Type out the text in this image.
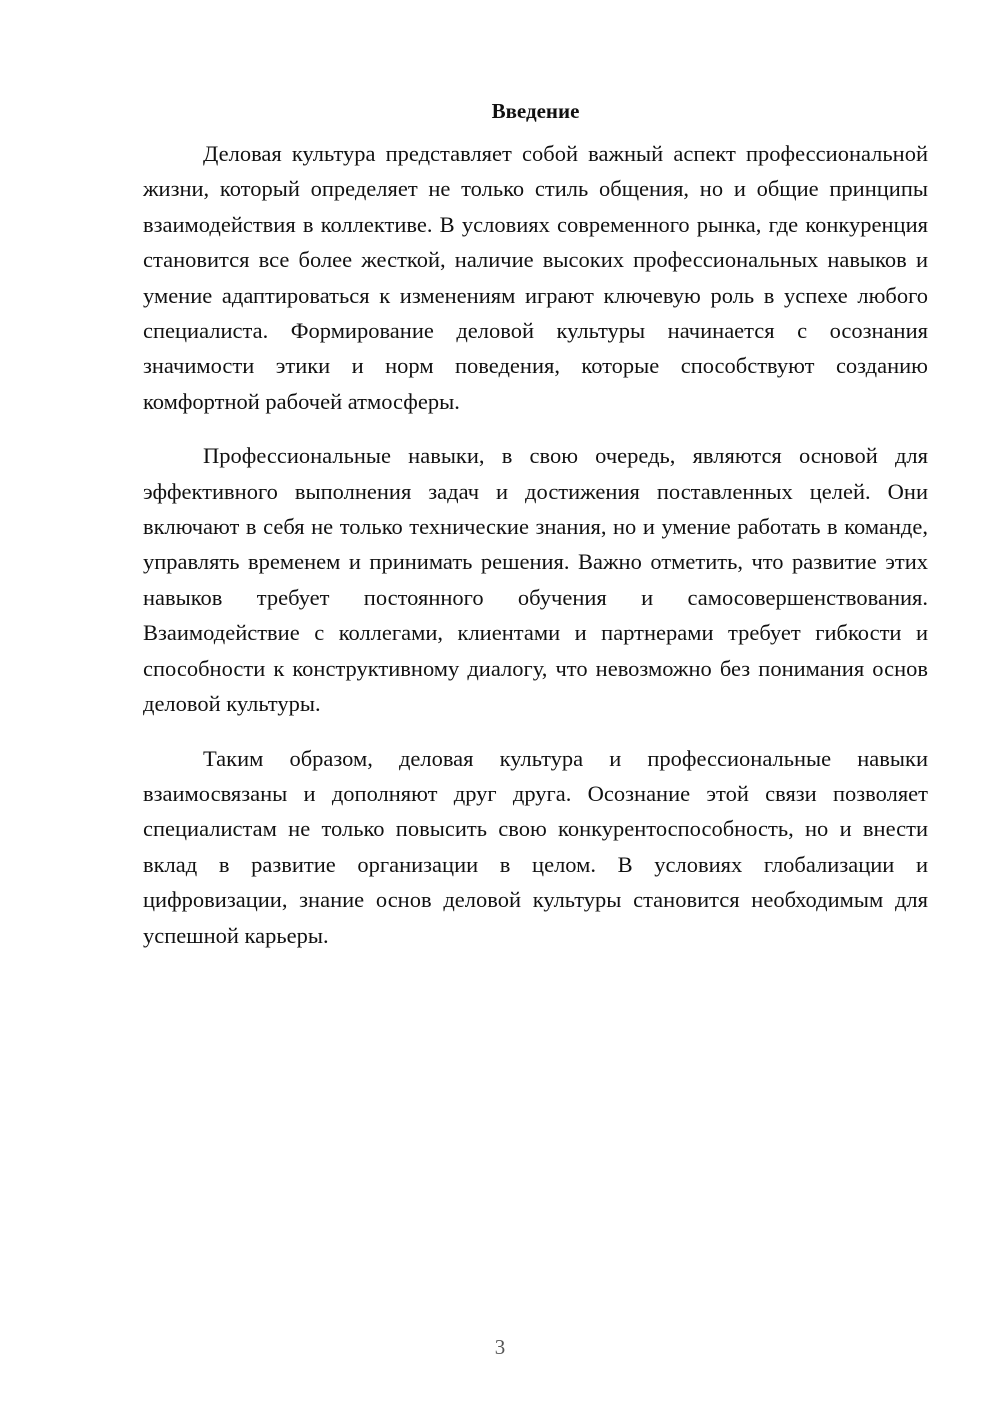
Введение

Деловая культура представляет собой важный аспект профессиональной жизни, который определяет не только стиль общения, но и общие принципы взаимодействия в коллективе. В условиях современного рынка, где конкуренция становится все более жесткой, наличие высоких профессиональных навыков и умение адаптироваться к изменениям играют ключевую роль в успехе любого специалиста. Формирование деловой культуры начинается с осознания значимости этики и норм поведения, которые способствуют созданию комфортной рабочей атмосферы.

Профессиональные навыки, в свою очередь, являются основой для эффективного выполнения задач и достижения поставленных целей. Они включают в себя не только технические знания, но и умение работать в команде, управлять временем и принимать решения. Важно отметить, что развитие этих навыков требует постоянного обучения и самосовершенствования. Взаимодействие с коллегами, клиентами и партнерами требует гибкости и способности к конструктивному диалогу, что невозможно без понимания основ деловой культуры.

Таким образом, деловая культура и профессиональные навыки взаимосвязаны и дополняют друг друга. Осознание этой связи позволяет специалистам не только повысить свою конкурентоспособность, но и внести вклад в развитие организации в целом. В условиях глобализации и цифровизации, знание основ деловой культуры становится необходимым для успешной карьеры.

3
